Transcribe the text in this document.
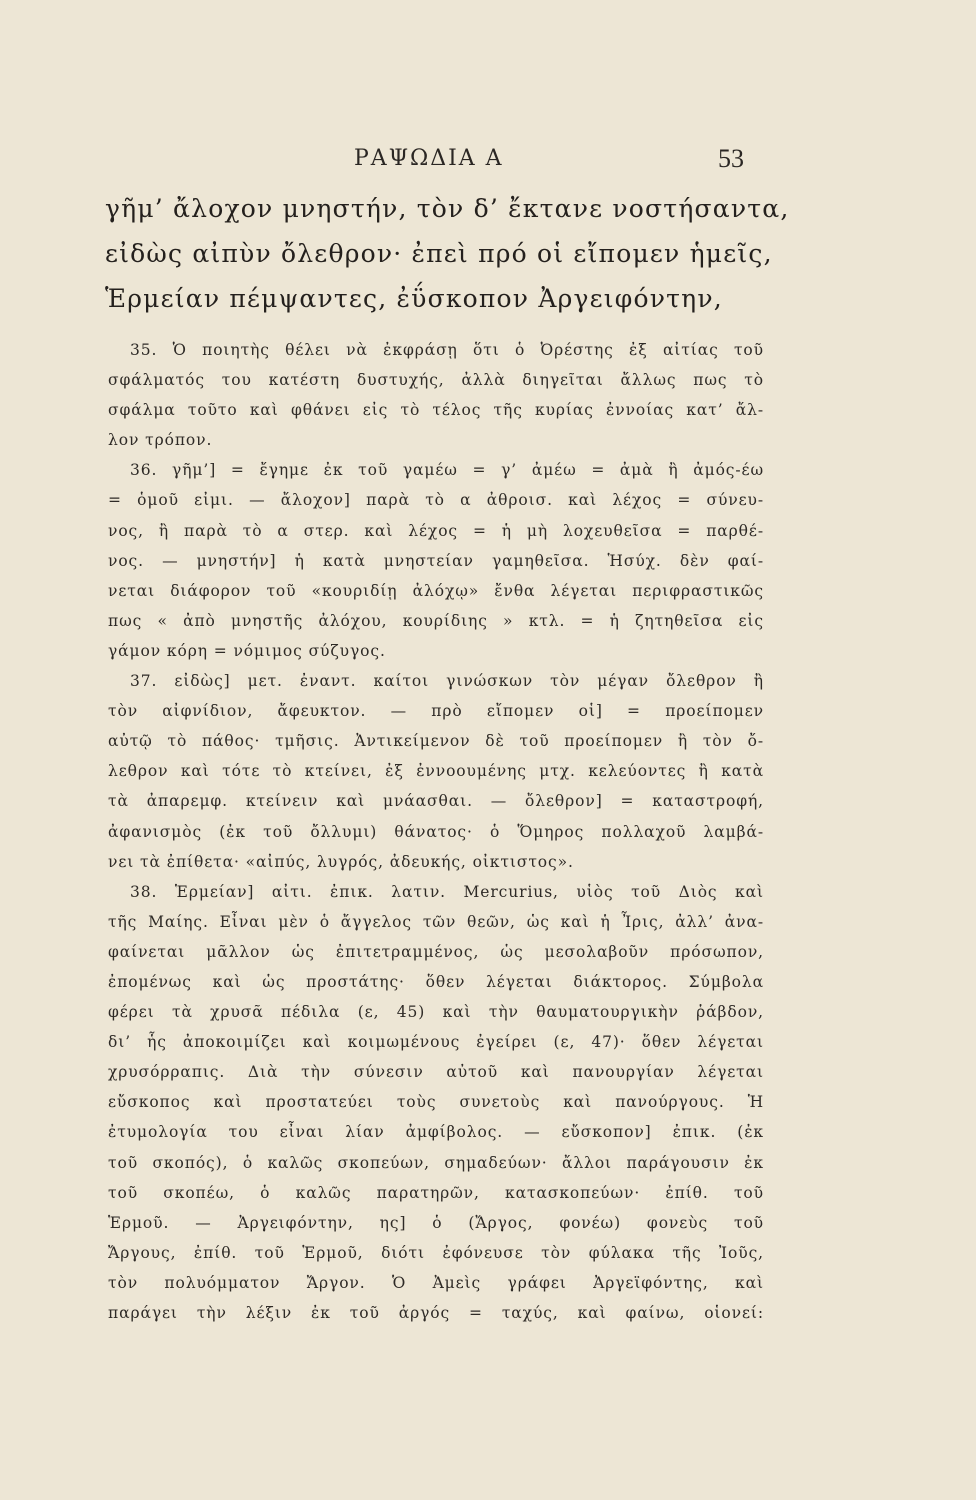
ΡΑΨΩΔΙΑ Α	53
γῆμ’ ἄλοχον μνηστήν, τὸν δ’ ἔκτανε νοστήσαντα,
εἰδὼς αἰπὺν ὄλεθρον· ἐπεὶ πρό οἱ εἴπομεν ἡμεῖς,
Ἑρμείαν πέμψαντες, ἐΰσκοπον Ἀργειφόντην,
35. Ὁ ποιητὴς θέλει νὰ ἐκφράσῃ ὅτι ὁ Ὀρέστης ἐξ αἰτίας τοῦ
σφάλματός του κατέστη δυστυχής, ἀλλὰ διηγεῖται ἄλλως πως τὸ
σφάλμα τοῦτο καὶ φθάνει εἰς τὸ τέλος τῆς κυρίας ἐννοίας κατ’ ἄλ-
λον τρόπον.
36. γῆμ’] = ἔγημε ἐκ τοῦ γαμέω = γ’ ἀμέω = ἀμὰ ἢ ἀμός-έω
= ὁμοῦ εἰμι. — ἄλοχον] παρὰ τὸ α ἀθροισ. καὶ λέχος = σύνευ-
νος, ἢ παρὰ τὸ α στερ. καὶ λέχος = ἡ μὴ λοχευθεῖσα = παρθέ-
νος. — μνηστήν] ἡ κατὰ μνηστείαν γαμηθεῖσα. Ἡσύχ. δὲν φαί-
νεται διάφορον τοῦ «κουριδίῃ ἀλόχῳ» ἔνθα λέγεται περιφραστικῶς
πως « ἀπὸ μνηστῆς ἀλόχου, κουρίδιης » κτλ. = ἡ ζητηθεῖσα εἰς
γάμον κόρη = νόμιμος σύζυγος.
37. εἰδὼς] μετ. ἐναντ. καίτοι γινώσκων τὸν μέγαν ὄλεθρον ἢ
τὸν αἰφνίδιον, ἄφευκτον. — πρὸ εἴπομεν οἱ] = προείπομεν
αὐτῷ τὸ πάθος· τμῆσις. Ἀντικείμενον δὲ τοῦ προείπομεν ἢ τὸν ὄ-
λεθρον καὶ τότε τὸ κτείνει, ἐξ ἐννοουμένης μτχ. κελεύοντες ἢ κατὰ
τὰ ἀπαρεμφ. κτείνειν καὶ μνάασθαι. — ὄλεθρον] = καταστροφή,
ἀφανισμὸς (ἐκ τοῦ ὄλλυμι) θάνατος· ὁ Ὅμηρος πολλαχοῦ λαμβά-
νει τὰ ἐπίθετα· «αἰπύς, λυγρός, ἀδευκής, οἰκτιστος».
38. Ἑρμείαν] αἰτι. ἐπικ. λατιν. Mercurius, υἱὸς τοῦ Διὸς καὶ
τῆς Μαίης. Εἶναι μὲν ὁ ἄγγελος τῶν θεῶν, ὡς καὶ ἡ Ἶρις, ἀλλ’ ἀνα-
φαίνεται μᾶλλον ὡς ἐπιτετραμμένος, ὡς μεσολαβοῦν πρόσωπον,
ἐπομένως καὶ ὡς προστάτης· ὅθεν λέγεται διάκτορος. Σύμβολα
φέρει τὰ χρυσᾶ πέδιλα (ε, 45) καὶ τὴν θαυματουργικὴν ῥάβδον,
δι’ ἧς ἀποκοιμίζει καὶ κοιμωμένους ἐγείρει (ε, 47)· ὅθεν λέγεται
χρυσόρραπις. Διὰ τὴν σύνεσιν αὐτοῦ καὶ πανουργίαν λέγεται
εὔσκοπος καὶ προστατεύει τοὺς συνετοὺς καὶ πανούργους. Ἡ
ἐτυμολογία του εἶναι λίαν ἀμφίβολος. — εὔσκοπον] ἐπικ. (ἐκ
τοῦ σκοπός), ὁ καλῶς σκοπεύων, σημαδεύων· ἄλλοι παράγουσιν ἐκ
τοῦ σκοπέω, ὁ καλῶς παρατηρῶν, κατασκοπεύων· ἐπίθ. τοῦ
Ἑρμοῦ. — Ἀργειφόντην, ης] ὁ (Ἄργος, φονέω) φονεὺς τοῦ
Ἄργους, ἐπίθ. τοῦ Ἑρμοῦ, διότι ἐφόνευσε τὸν φύλακα τῆς Ἰοῦς,
τὸν πολυόμματον Ἄργον. Ὁ Ἀμεὶς γράφει Ἀργεϊφόντης, καὶ
παράγει τὴν λέξιν ἐκ τοῦ ἀργός = ταχύς, καὶ φαίνω, οἱονεί:
